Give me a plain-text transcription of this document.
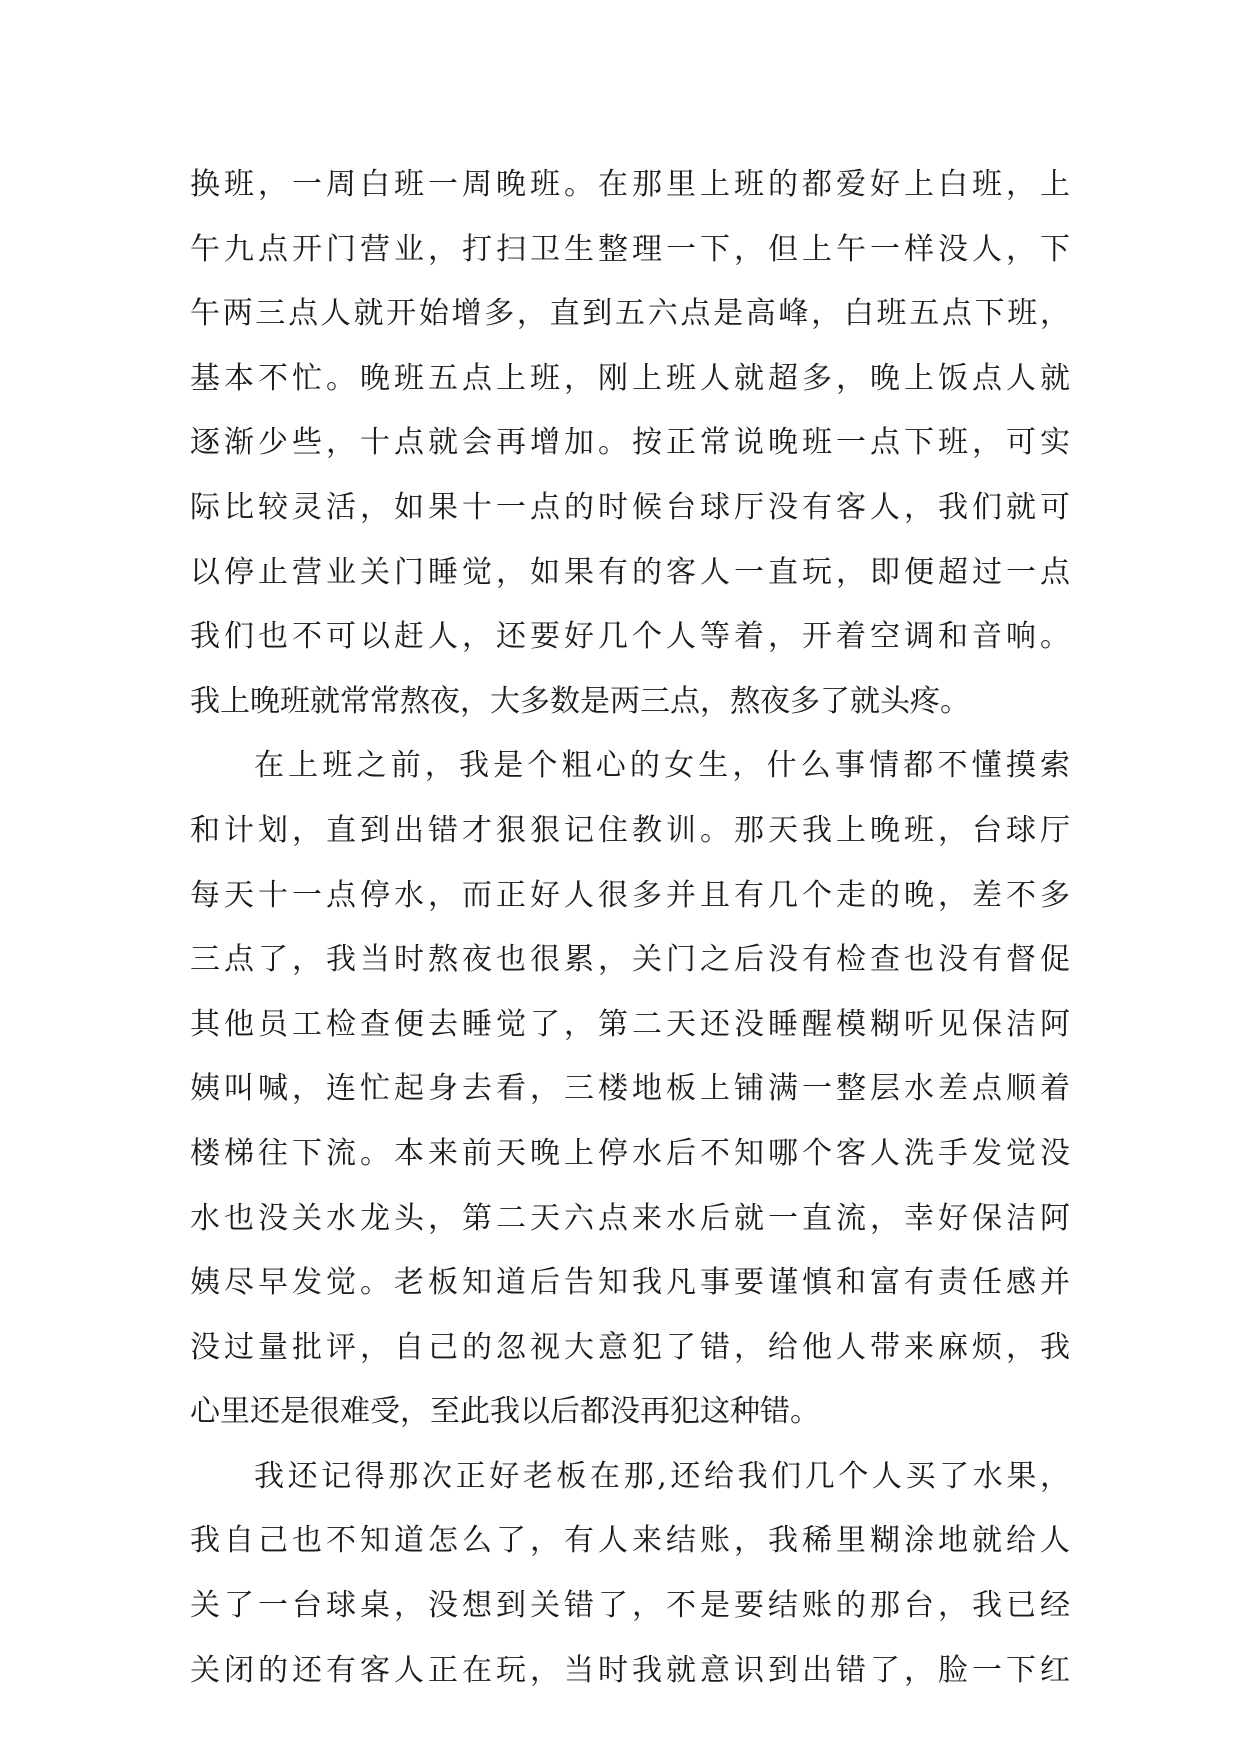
换班，一周白班一周晚班。在那里上班的都爱好上白班，上
午九点开门营业，打扫卫生整理一下，但上午一样没人，下
午两三点人就开始增多，直到五六点是高峰，白班五点下班，
基本不忙。晚班五点上班，刚上班人就超多，晚上饭点人就
逐渐少些，十点就会再增加。按正常说晚班一点下班，可实
际比较灵活，如果十一点的时候台球厅没有客人，我们就可
以停止营业关门睡觉，如果有的客人一直玩，即便超过一点
我们也不可以赶人，还要好几个人等着，开着空调和音响。
我上晚班就常常熬夜，大多数是两三点，熬夜多了就头疼。
在上班之前，我是个粗心的女生，什么事情都不懂摸索
和计划，直到出错才狠狠记住教训。那天我上晚班，台球厅
每天十一点停水，而正好人很多并且有几个走的晚，差不多
三点了，我当时熬夜也很累，关门之后没有检查也没有督促
其他员工检查便去睡觉了，第二天还没睡醒模糊听见保洁阿
姨叫喊，连忙起身去看，三楼地板上铺满一整层水差点顺着
楼梯往下流。本来前天晚上停水后不知哪个客人洗手发觉没
水也没关水龙头，第二天六点来水后就一直流，幸好保洁阿
姨尽早发觉。老板知道后告知我凡事要谨慎和富有责任感并
没过量批评，自己的忽视大意犯了错，给他人带来麻烦，我
心里还是很难受，至此我以后都没再犯这种错。
我还记得那次正好老板在那,还给我们几个人买了水果，
我自己也不知道怎么了，有人来结账，我稀里糊涂地就给人
关了一台球桌，没想到关错了，不是要结账的那台，我已经
关闭的还有客人正在玩，当时我就意识到出错了，脸一下红
